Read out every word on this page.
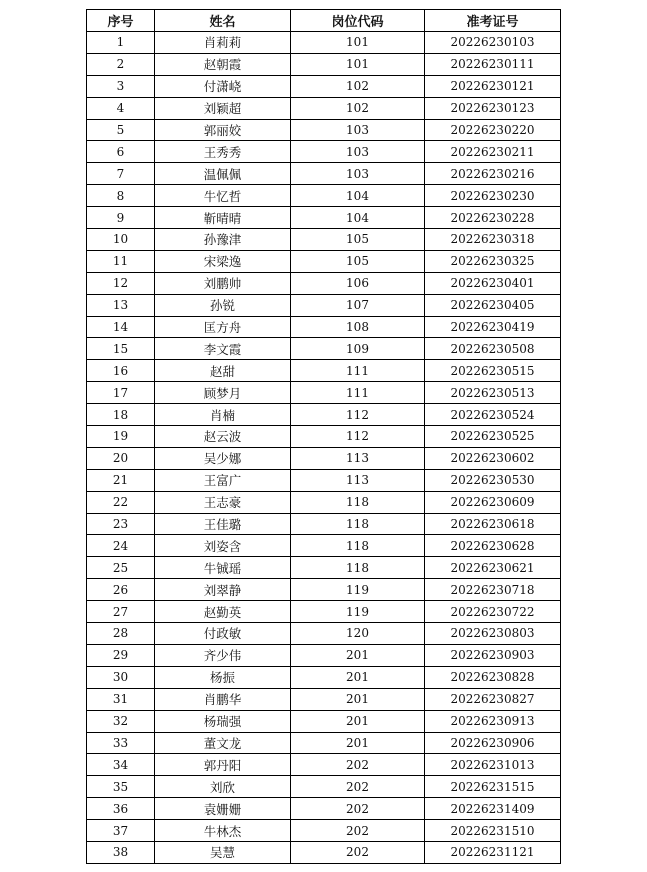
序号	姓名	岗位代码	准考证号
1	肖莉莉	101	20226230103
2	赵朝霞	101	20226230111
3	付潇峣	102	20226230121
4	刘颖超	102	20226230123
5	郭丽姣	103	20226230220
6	王秀秀	103	20226230211
7	温佩佩	103	20226230216
8	牛忆哲	104	20226230230
9	靳晴晴	104	20226230228
10	孙豫津	105	20226230318
11	宋梁逸	105	20226230325
12	刘鹏帅	106	20226230401
13	孙锐	107	20226230405
14	匡方舟	108	20226230419
15	李文霞	109	20226230508
16	赵甜	111	20226230515
17	顾梦月	111	20226230513
18	肖楠	112	20226230524
19	赵云波	112	20226230525
20	吴少娜	113	20226230602
21	王富广	113	20226230530
22	王志豪	118	20226230609
23	王佳璐	118	20226230618
24	刘姿含	118	20226230628
25	牛铖瑶	118	20226230621
26	刘翠静	119	20226230718
27	赵勤英	119	20226230722
28	付政敏	120	20226230803
29	齐少伟	201	20226230903
30	杨振	201	20226230828
31	肖鹏华	201	20226230827
32	杨瑞强	201	20226230913
33	董文龙	201	20226230906
34	郭丹阳	202	20226231013
35	刘欣	202	20226231515
36	袁姗姗	202	20226231409
37	牛林杰	202	20226231510
38	吴慧	202	20226231121
